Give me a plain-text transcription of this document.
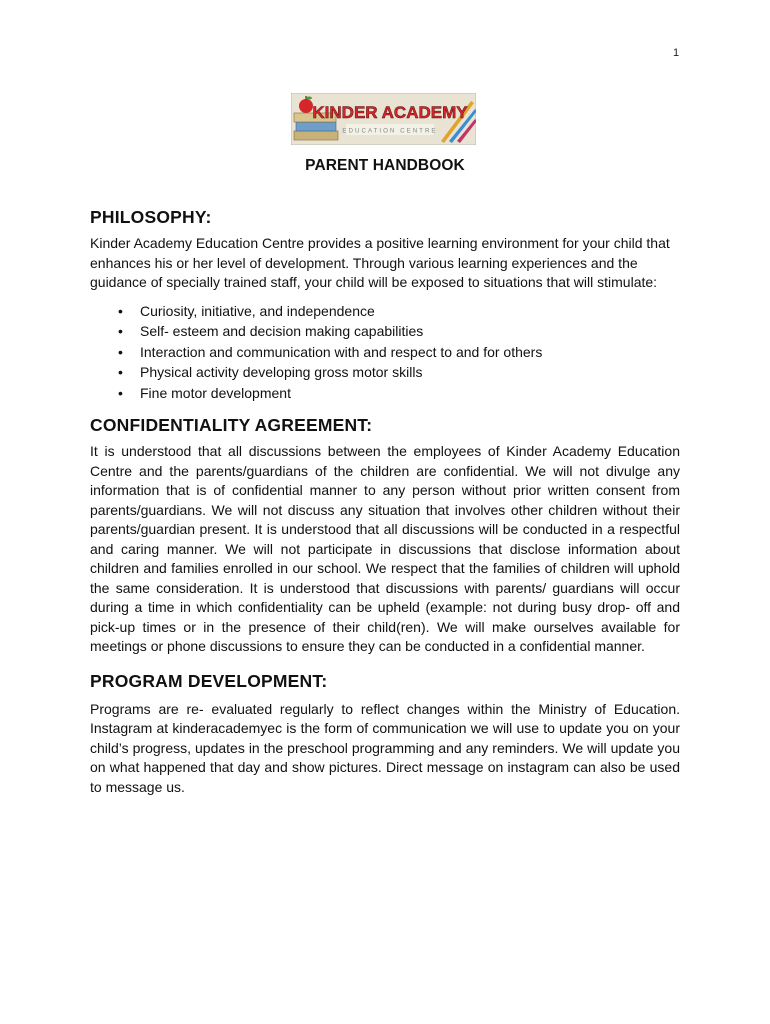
1
KINDER ACADEMY
EDUCATION CENTRE
PARENT HANDBOOK
PHILOSOPHY:

Kinder Academy Education Centre provides a positive learning environment for your child that enhances his or her level of development. Through various learning experiences and the guidance of specially trained staff, your child will be exposed to situations that will stimulate:

• Curiosity, initiative, and independence
• Self- esteem and decision making capabilities
• Interaction and communication with and respect to and for others
• Physical activity developing gross motor skills
• Fine motor development
CONFIDENTIALITY AGREEMENT:

It is understood that all discussions between the employees of Kinder Academy Education Centre and the parents/guardians of the children are confidential. We will not divulge any information that is of confidential manner to any person without prior written consent from parents/guardians. We will not discuss any situation that involves other children without their parents/guardian present. It is understood that all discussions will be conducted in a respectful and caring manner. We will not participate in discussions that disclose information about children and families enrolled in our school. We respect that the families of children will uphold the same consideration. It is understood that discussions with parents/ guardians will occur during a time in which confidentiality can be upheld (example: not during busy drop- off and pick-up times or in the presence of their child(ren). We will make ourselves available for meetings or phone discussions to ensure they can be conducted in a confidential manner.

PROGRAM DEVELOPMENT:

Programs are re- evaluated regularly to reflect changes within the Ministry of Education. Instagram at kinderacademyec is the form of communication we will use to update you on your child’s progress, updates in the preschool programming and any reminders. We will update you on what happened that day and show pictures. Direct message on instagram can also be used to message us.
